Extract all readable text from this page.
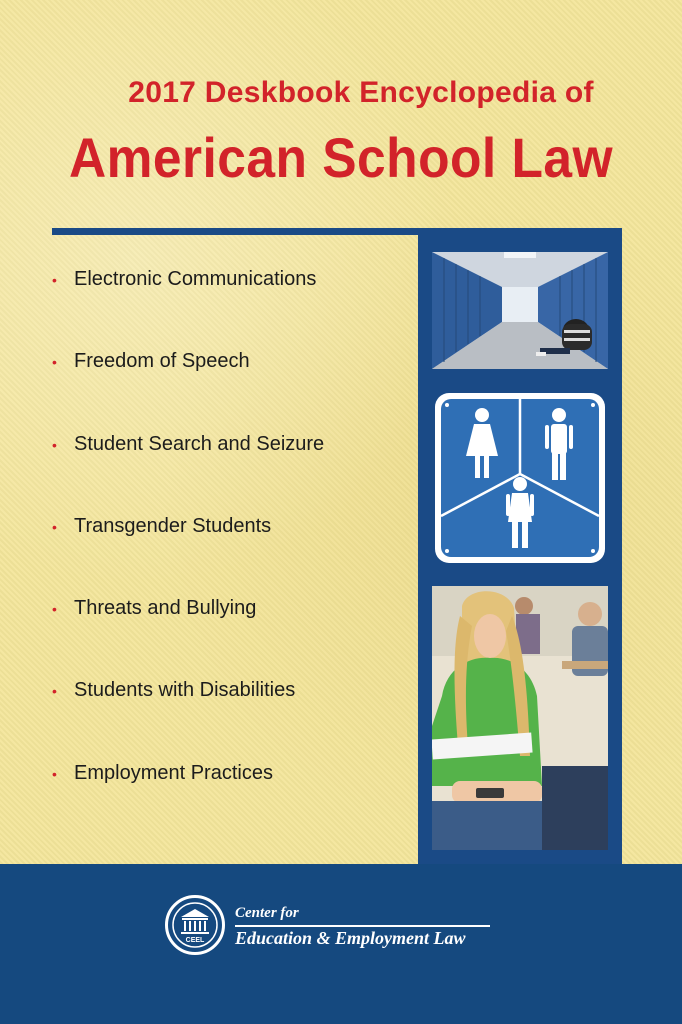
2017 Deskbook Encyclopedia of
American School Law
• Electronic Communications
• Freedom of Speech
• Student Search and Seizure
• Transgender Students
• Threats and Bullying
• Students with Disabilities
• Employment Practices
CEEL
Center for
Education & Employment Law
